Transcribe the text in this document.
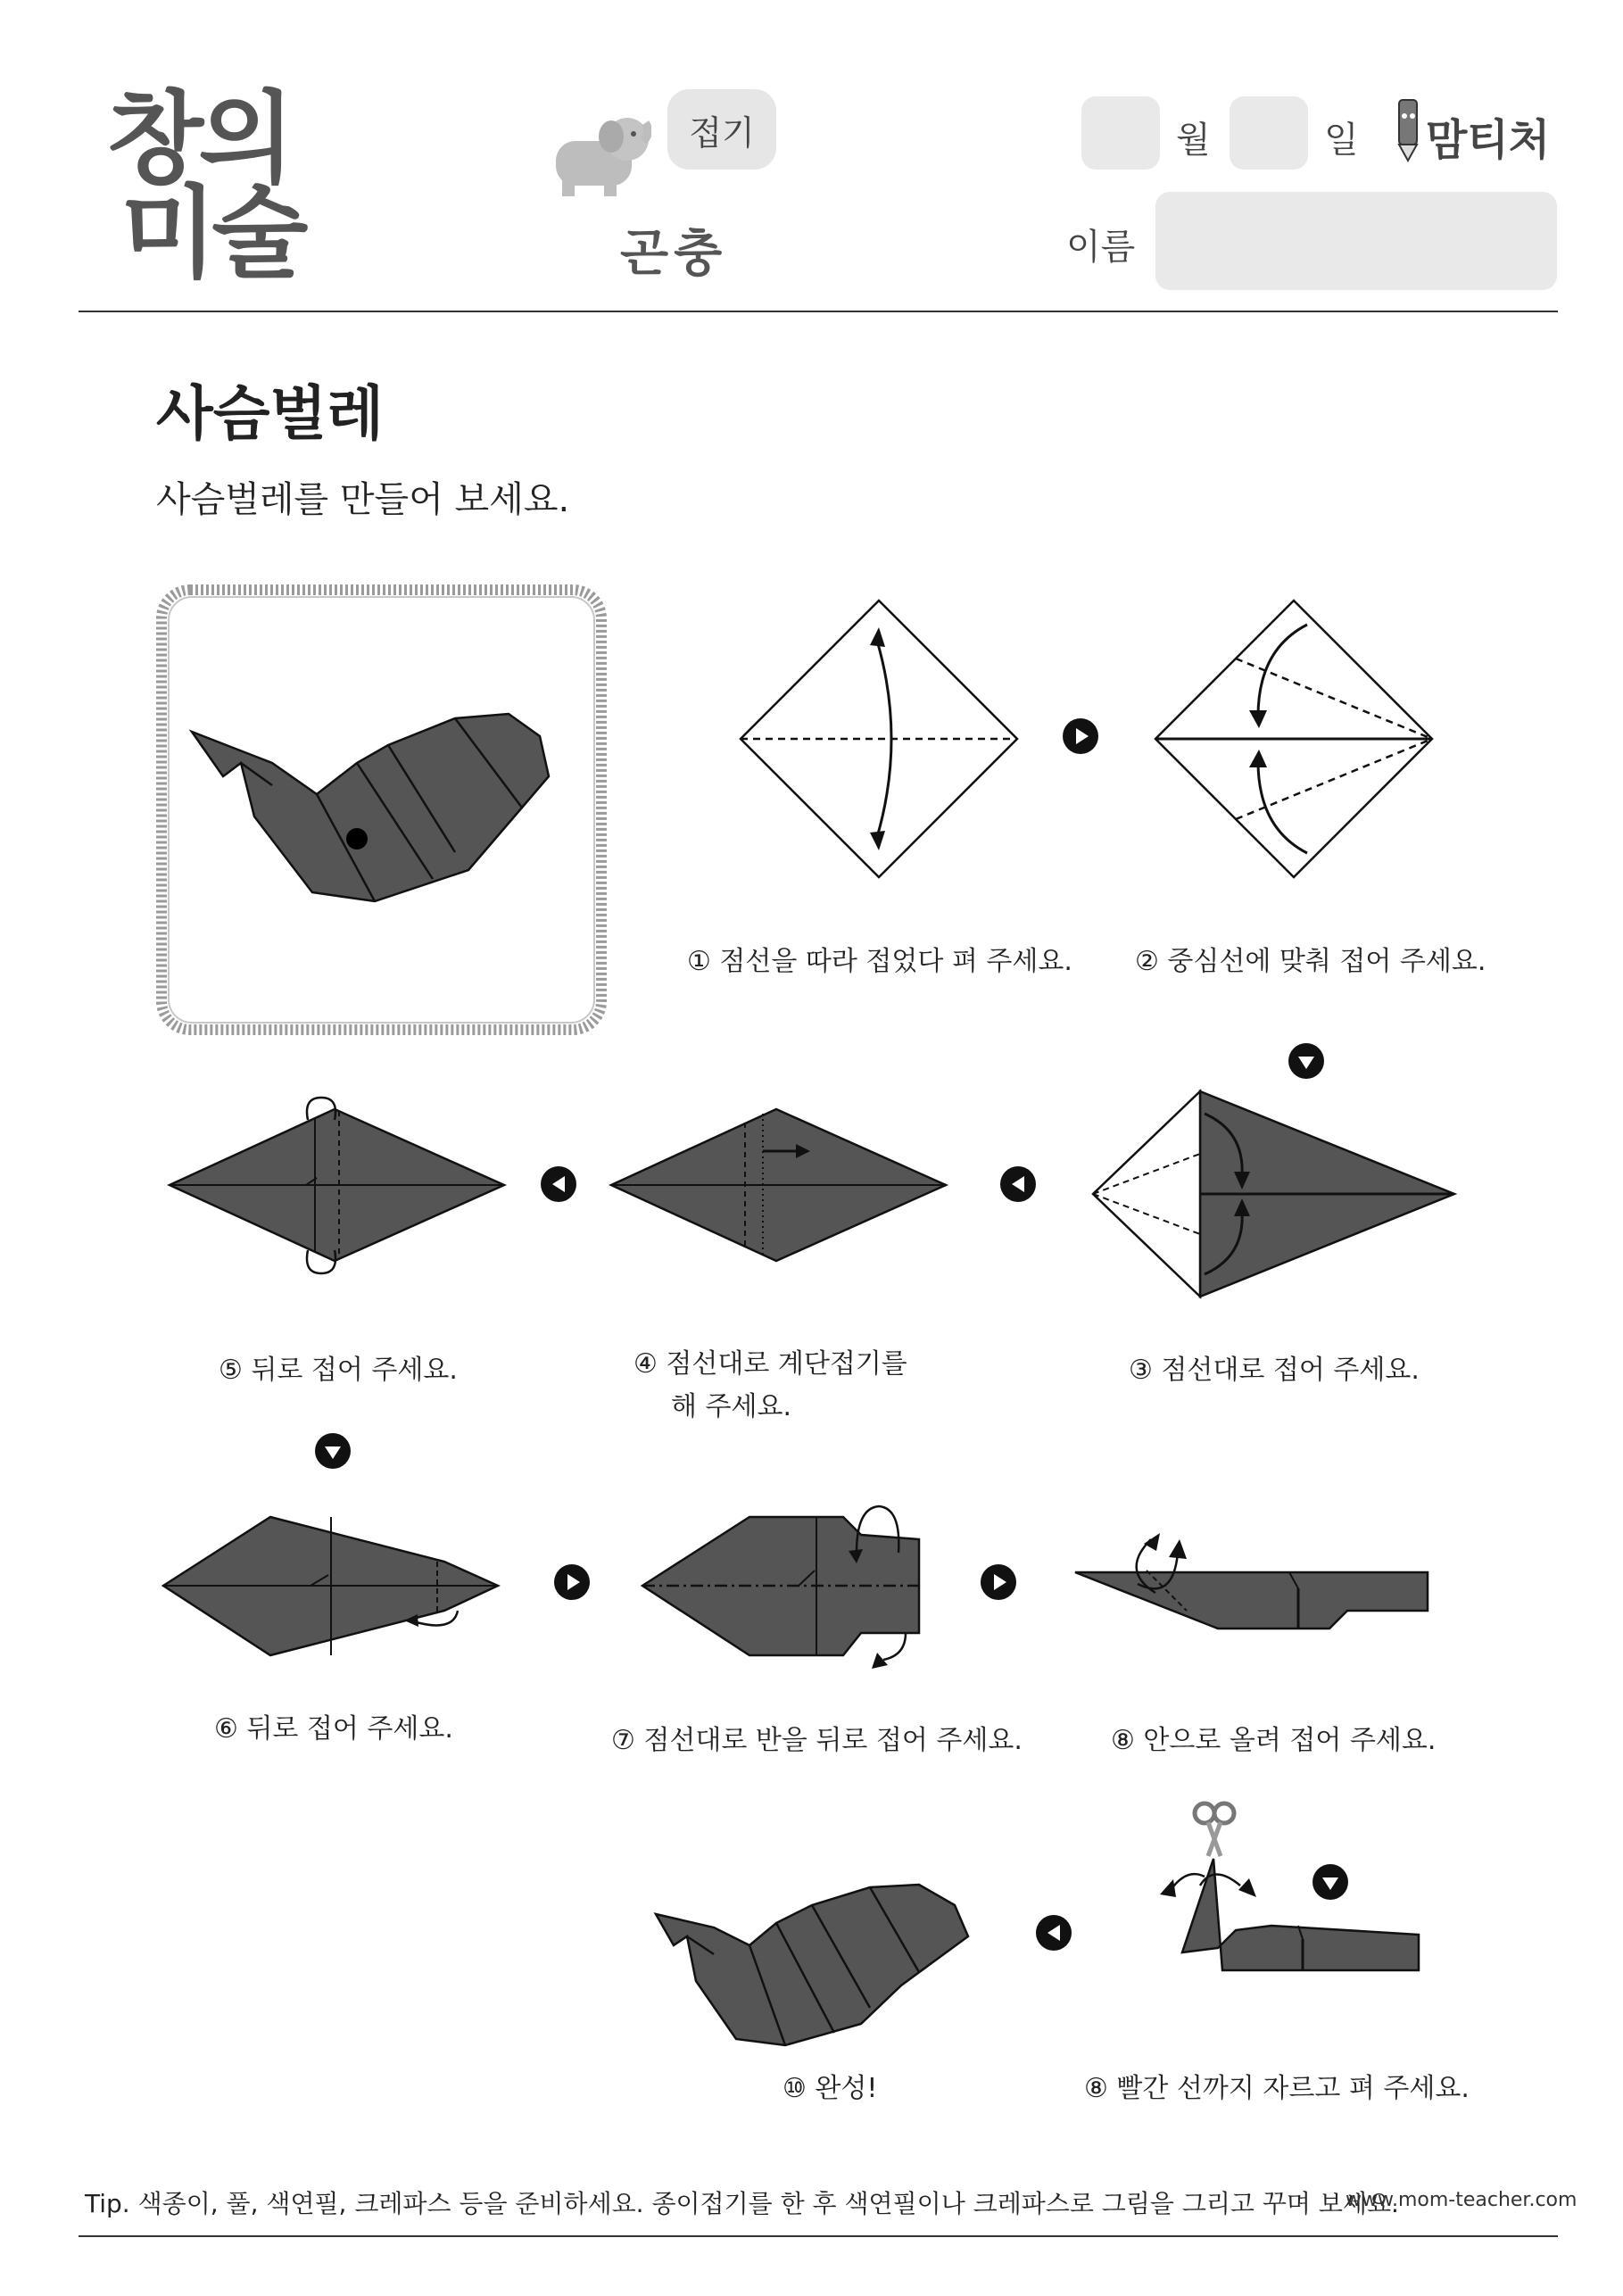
창의
미술
접기
곤충
월	일 맘티처
이름
사슴벌레
사슴벌레를 만들어 보세요.
① 점선을 따라 접었다 펴 주세요. ② 중심선에 맞춰 접어 주세요.
③ 점선대로 접어 주세요.
④ 점선대로 계단접기를
해 주세요.
⑤ 뒤로 접어 주세요.
⑥ 뒤로 접어 주세요.	⑦ 점선대로 반을 뒤로 접어 주세요.	⑧ 안으로 올려 접어 주세요.
⑧ 빨간 선까지 자르고 펴 주세요.
⑩ 완성!
Tip. 색종이, 풀, 색연필, 크레파스 등을 준비하세요. 종이접기를 한 후 색연필이나 크레파스로 그림을 그리고 꾸며 보세요.
www.mom-teacher.com
